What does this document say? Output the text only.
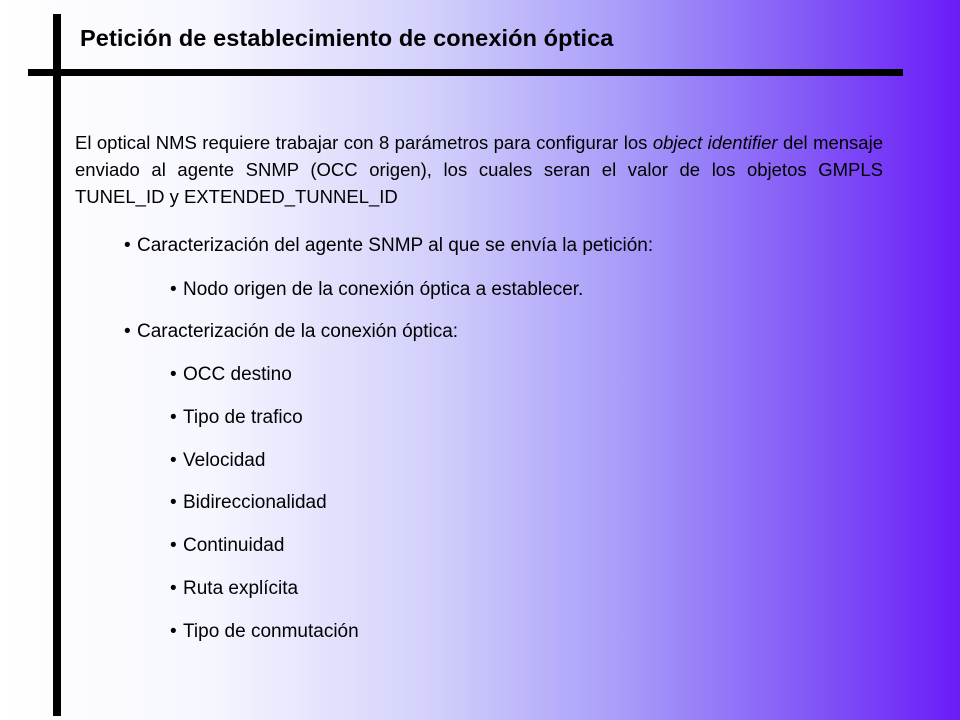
Petición de establecimiento de conexión óptica

El optical NMS requiere trabajar con 8 parámetros para configurar los object identifier del mensaje enviado al agente SNMP (OCC origen), los cuales seran el valor de los objetos GMPLS TUNEL_ID y EXTENDED_TUNNEL_ID

• Caracterización del agente SNMP al que se envía la petición:
• Nodo origen de la conexión óptica a establecer.
• Caracterización de la conexión óptica:
• OCC destino
• Tipo de trafico
• Velocidad
• Bidireccionalidad
• Continuidad
• Ruta explícita
• Tipo de conmutación
